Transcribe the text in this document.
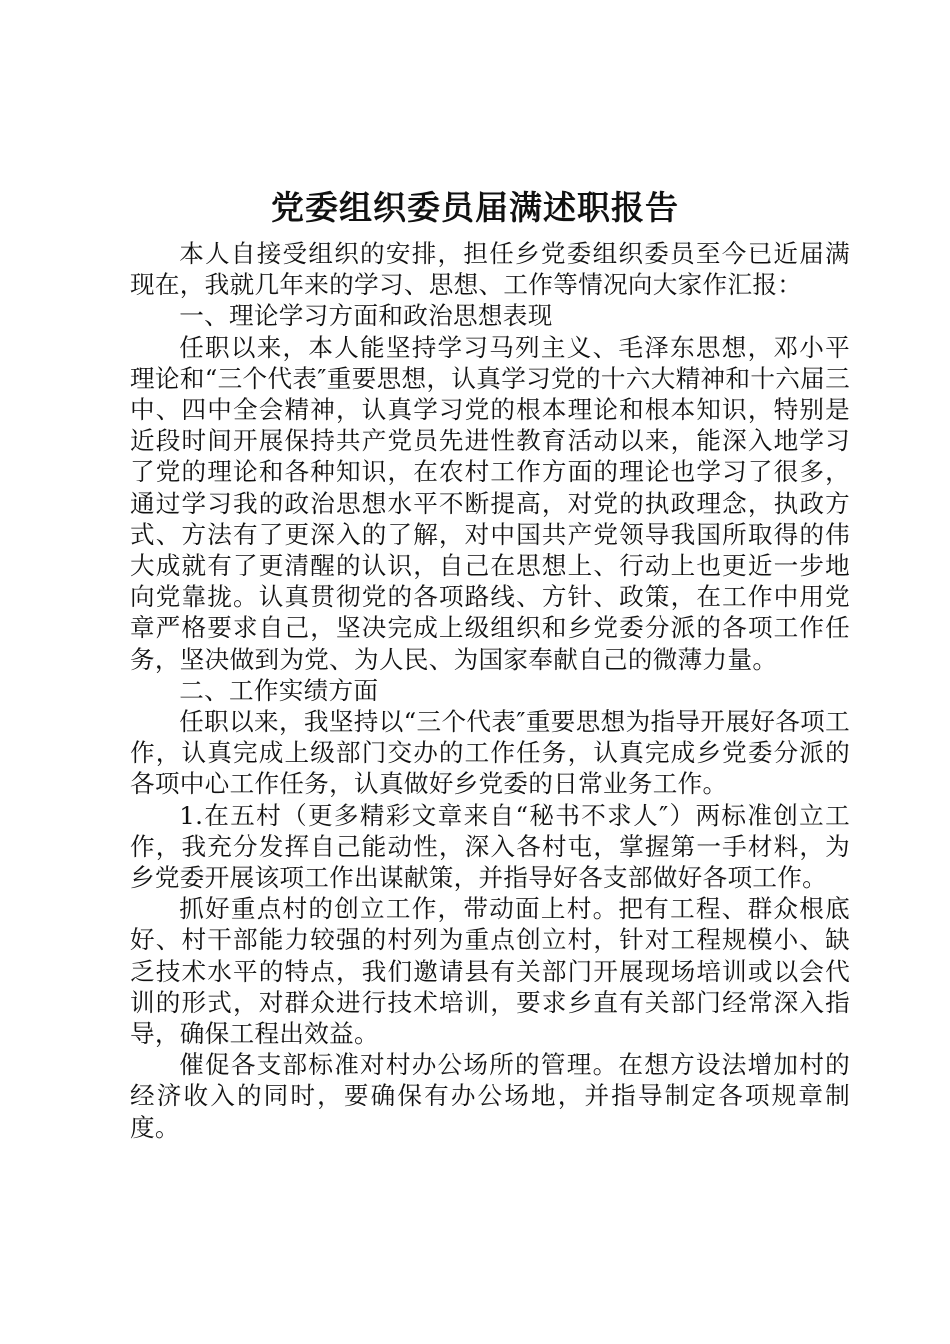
党委组织委员届满述职报告

本人自接受组织的安排，担任乡党委组织委员至今已近届满现在，我就几年来的学习、思想、工作等情况向大家作汇报：

一、理论学习方面和政治思想表现

任职以来，本人能坚持学习马列主义、毛泽东思想，邓小平理论和“三个代表″重要思想，认真学习党的十六大精神和十六届三中、四中全会精神，认真学习党的根本理论和根本知识，特别是近段时间开展保持共产党员先进性教育活动以来，能深入地学习了党的理论和各种知识，在农村工作方面的理论也学习了很多，通过学习我的政治思想水平不断提高，对党的执政理念，执政方式、方法有了更深入的了解，对中国共产党领导我国所取得的伟大成就有了更清醒的认识，自己在思想上、行动上也更近一步地向党靠拢。认真贯彻党的各项路线、方针、政策，在工作中用党章严格要求自己，坚决完成上级组织和乡党委分派的各项工作任务，坚决做到为党、为人民、为国家奉献自己的微薄力量。

二、工作实绩方面

任职以来，我坚持以“三个代表″重要思想为指导开展好各项工作，认真完成上级部门交办的工作任务，认真完成乡党委分派的各项中心工作任务，认真做好乡党委的日常业务工作。

1.在五村（更多精彩文章来自“秘书不求人″）两标准创立工作，我充分发挥自己能动性，深入各村屯，掌握第一手材料，为乡党委开展该项工作出谋献策，并指导好各支部做好各项工作。

抓好重点村的创立工作，带动面上村。把有工程、群众根底好、村干部能力较强的村列为重点创立村，针对工程规模小、缺乏技术水平的特点，我们邀请县有关部门开展现场培训或以会代训的形式，对群众进行技术培训，要求乡直有关部门经常深入指导，确保工程出效益。

催促各支部标准对村办公场所的管理。在想方设法增加村的经济收入的同时，要确保有办公场地，并指导制定各项规章制度。
